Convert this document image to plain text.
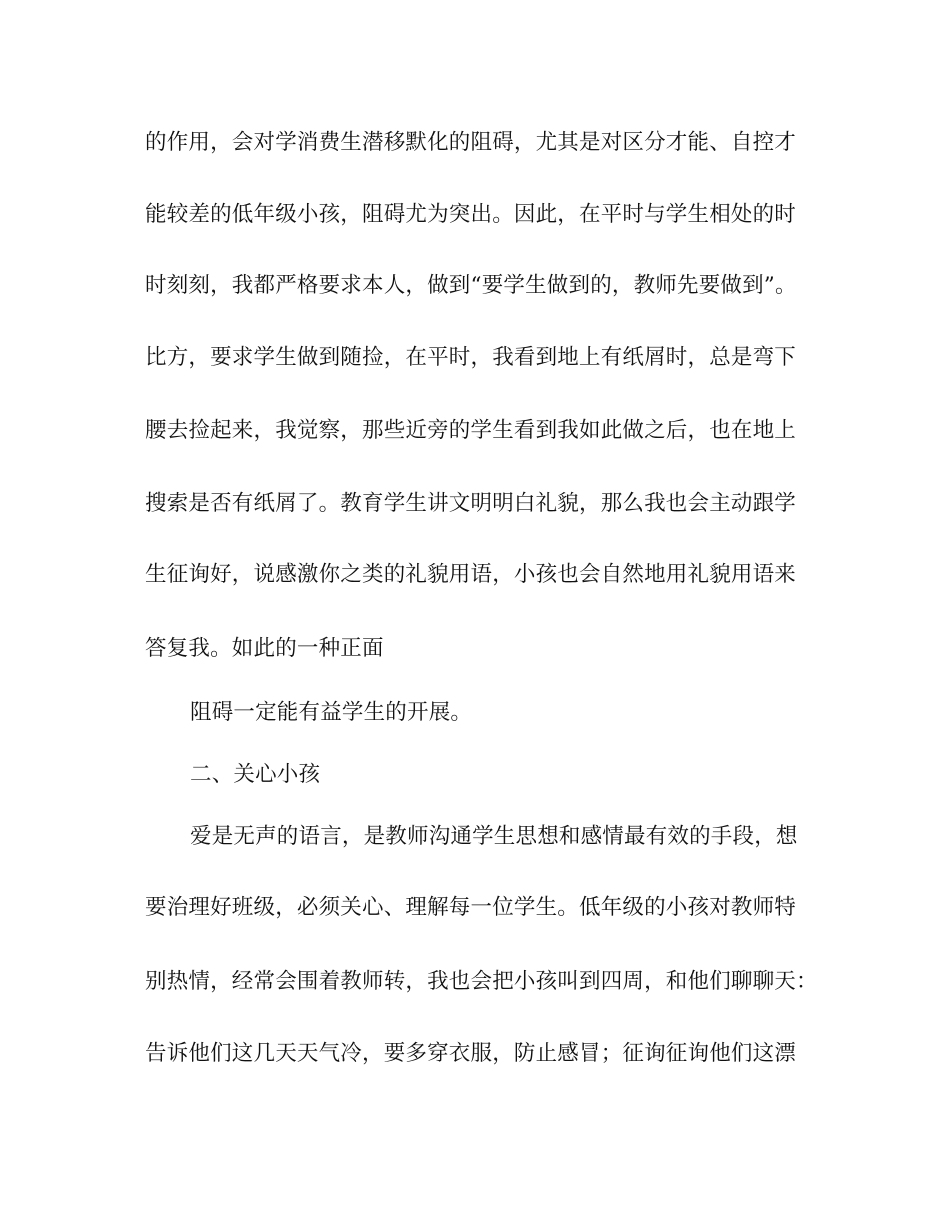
的作用，会对学消费生潜移默化的阻碍，尤其是对区分才能、自控才
能较差的低年级小孩，阻碍尤为突出。因此，在平时与学生相处的时
时刻刻，我都严格要求本人，做到“要学生做到的，教师先要做到”。
比方，要求学生做到随捡，在平时，我看到地上有纸屑时，总是弯下
腰去捡起来，我觉察，那些近旁的学生看到我如此做之后，也在地上
搜索是否有纸屑了。教育学生讲文明明白礼貌，那么我也会主动跟学
生征询好，说感激你之类的礼貌用语，小孩也会自然地用礼貌用语来
答复我。如此的一种正面
阻碍一定能有益学生的开展。
二、关心小孩
爱是无声的语言，是教师沟通学生思想和感情最有效的手段，想
要治理好班级，必须关心、理解每一位学生。低年级的小孩对教师特
别热情，经常会围着教师转，我也会把小孩叫到四周，和他们聊聊天：
告诉他们这几天天气冷，要多穿衣服，防止感冒；征询征询他们这漂
